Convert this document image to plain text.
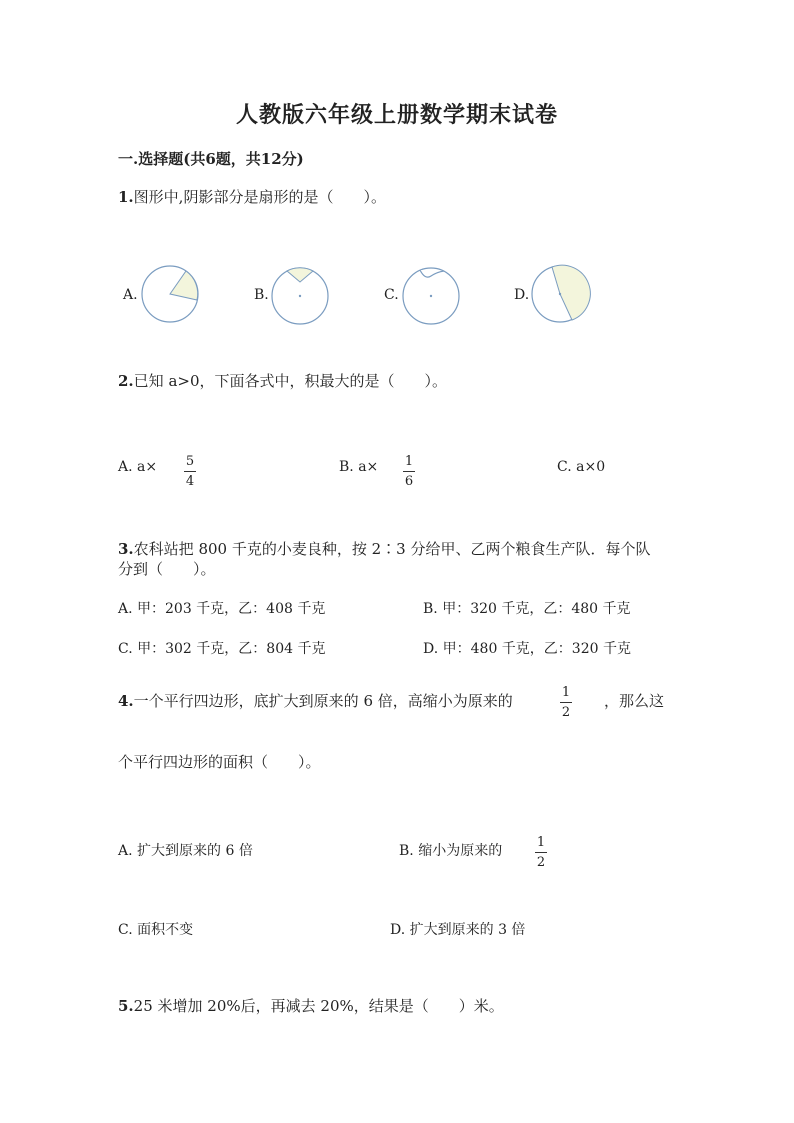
人教版六年级上册数学期末试卷
一.选择题(共6题，共12分)
1.图形中,阴影部分是扇形的是（　　）。
A.	B.	C.	D.
2.已知 a>0，下面各式中，积最大的是（　　）。
A. a× 5
4
B. a× 1
6
C. a×0
3.农科站把 800 千克的小麦良种，按 2∶3 分给甲、乙两个粮食生产队．每个队
分到（　　）。
A. 甲：203 千克，乙：408 千克	B. 甲：320 千克，乙：480 千克
C. 甲：302 千克，乙：804 千克	D. 甲：480 千克，乙：320 千克
4.一个平行四边形，底扩大到原来的 6 倍，高缩小为原来的	1
2
，那么这
个平行四边形的面积（　　）。
A. 扩大到原来的 6 倍	B. 缩小为原来的
1
2
C. 面积不变	D. 扩大到原来的 3 倍
5.25 米增加 20%后，再减去 20%，结果是（　　）米。
